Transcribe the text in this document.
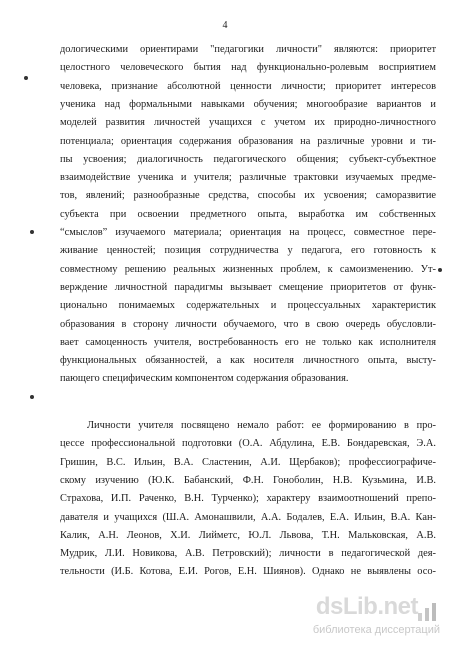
4
дологическими ориентирами "педагогики личности" являются: приоритет
целостного человеческого бытия над функционально-ролевым восприятием
человека, признание абсолютной ценности личности; приоритет интересов
ученика над формальными навыками обучения; многообразие вариантов и
моделей развития личностей учащихся с учетом их природно-личностного
потенциала; ориентация содержания образования на различные уровни и ти-
пы усвоения; диалогичность педагогического общения; субъект-субъектное
взаимодействие ученика и учителя; различные трактовки изучаемых предме-
тов, явлений; разнообразные средства, способы их усвоения; саморазвитие
субъекта при освоении предметного опыта, выработка им собственных
“смыслов” изучаемого материала; ориентация на процесс, совместное пере-
живание ценностей; позиция сотрудничества у педагога, его готовность к
совместному решению реальных жизненных проблем, к самоизменению. Ут-
верждение личностной парадигмы вызывает смещение приоритетов от функ-
ционально понимаемых содержательных и процессуальных характеристик
образования в сторону личности обучаемого, что в свою очередь обусловли-
вает самоценность учителя, востребованность его не только как исполнителя
функциональных обязанностей, а как носителя личностного опыта, высту-
пающего специфическим компонентом содержания образования.
Личности учителя посвящено немало работ: ее формированию в про-
цессе профессиональной подготовки (О.А. Абдулина, Е.В. Бондаревская, Э.А.
Гришин, В.С. Ильин, В.А. Сластенин, А.И. Щербаков); профессиографиче-
скому изучению (Ю.К. Бабанский, Ф.Н. Гоноболин, Н.В. Кузьмина, И.В.
Страхова, И.П. Раченко, В.Н. Турченко); характеру взаимоотношений препо-
давателя и учащихся (Ш.А. Амонашвили, А.А. Бодалев, Е.А. Ильин, В.А. Кан-
Калик, А.Н. Леонов, Х.И. Лийметс, Ю.Л. Львова, Т.Н. Мальковская, А.В.
Мудрик, Л.И. Новикова, А.В. Петровский); личности в педагогической дея-
тельности (И.Б. Котова, Е.И. Рогов, Е.Н. Шиянов). Однако не выявлены осо-
dsLib.net
библиотека диссертаций
